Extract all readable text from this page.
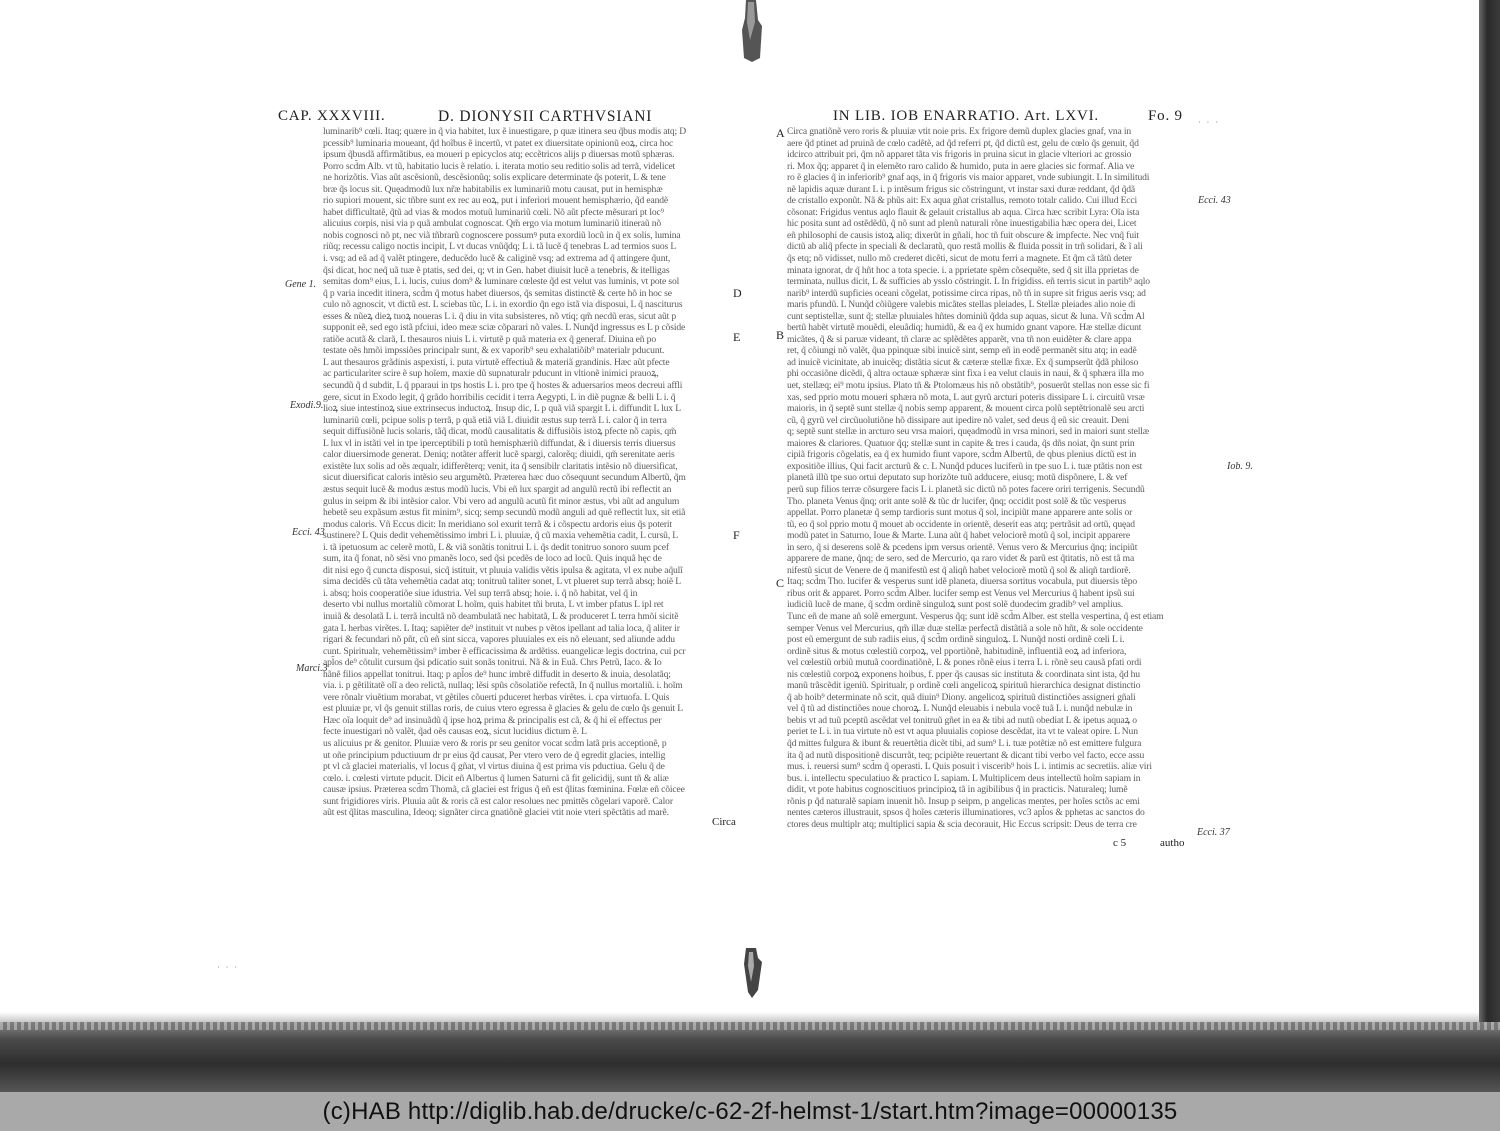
CAP. XXXVIII.	D. DIONYSII CARTHVSIANI	IN LIB. IOB ENARRATIO. Art. LXVI.	Fo. 9

luminarib⁹ cœli. Itaq; quære in q̃ via habitet, lux ẽ inuestigare, p quæ itinera seu q̃bus modis atq; D

pcessib⁹ luminaria moueant, q̃d hoĩbus ẽ incertũ, vt patet ex diuersitate opinionũ eoꝝ, circa hoc

ipsum q̃busdã affirmãtibus, ea moueri p epicyclos atq; eccẽtricos alijs p diuersas motũ sphæras.

Porro scd̃m Alb. vt tũ, habitatio lucis ẽ relatio. i. iterata motio seu reditio solis ad terrã, videlicet

ne horizõtis. Vias aũt ascẽsionũ, descẽsionũq; solis explicare determinate q̃s poterit, L & tene

bræ q̃s locus sit. Quęadmodũ lux nr̃æ habitabilis ex luminariũ motu causat, put in hemisphæ

rio supiori mouent, sic tñbre sunt ex rec au eoꝝ, put i inferiori mouent hemisphærio, q̃d eandẽ

habet difficultatẽ, q̃tũ ad vias & modos motuũ luminariũ cœli. Nõ aũt pfecte mẽsurari pt loc⁹

alicuius corpis, nisi via p quã ambulat cognoscat. Qm̃ ergo via motum luminariũ itineraũ nõ

nobis cognosci nõ pt, nec viã tñbrarũ cognoscere possumꝰ puta exordiũ locũ in q̃ ex solis, lumina

riũq; recessu caligo noctis incipit, L vt ducas vnũq̃dq; L i. tã lucẽ q̃ tenebras L ad termios suos L

i. vsq; ad eã ad q̃ valẽt ptingere, deducẽdo lucẽ & caliginẽ vsq; ad extrema ad q̃ attingere q̃unt,

q̃si dicat, hoc neq̃ uã tuæ ẽ ptatis, sed dei, q; vt in Gen. habet diuisit lucẽ a tenebris, & itelligas

semitas dom⁹ eius, L i. lucis, cuius dom⁹ & luminare cœleste q̃d est velut vas luminis, vt pote sol

q̃ p varia incedit itinera, scd̃m q̃ motus habet diuersos, q̃s semitas distinctẽ & certe hõ in hoc se

culo nõ agnoscit, vt dictũ est. L sciebas tũc, L i. in exordio q̃n ego istã via disposui, L q̃ nasciturus

esses & nũeꝝ dieꝝ tuoꝝ noueras L i. q̃ diu in vita subsisteres, nõ vtiq; qm̃ necdũ eras, sicut aũt p

supponit eẽ, sed ego istã pfciui, ideo meæ sciæ cõparari nõ vales. L Nunq̃d ingressus es L p cõside

ratiõe acutã & clarã, L thesauros niuis L i. virtutẽ p quã materia ex q̃ generaf. Diuina eñ po

testate oẽs hmõi impssiões principalr sunt, & ex vaporib⁹ seu exhalatiõib⁹ materialr pducunt.

L aut thesauros grãdinis aspexisti, i. puta virtutẽ effectiuã & materiã grandinis. Hæc aũt pfecte

ac particulariter scire ẽ sup hoĩem, maxie dũ supnaturalr pducunt in vltionẽ inimici prauoꝝ,

secundũ q̃ d subdit, L q̃ pparaui in tps hostis L i. pro tpe q̃ hostes & aduersarios meos decreui affli

gere, sicut in Exodo legit, q̃ grãdo horribilis cecidit i terra Aegypti, L in diẽ pugnæ & belli L i. q̃

lioꝝ siue intestinoꝝ siue extrinsecus inductoꝝ. Insup dic, L p quã viã spargit L i. diffundit L lux L

luminariũ cœli, pcipue solis p terrã, p quã etiã viã L diuidit æstus sup terrã L i. calor q̃ in terra

sequit diffusiõnẽ lucis solaris, tãq̃ dicat, modũ causalitatis & diffusiõis istoꝝ pfecte nõ capis, qm̃

L lux vl in istãti vel in tpe iperceptibili p totũ hemisphæriũ diffundat, & i diuersis terris diuersus

calor diuersimode generat. Deniq; notãter afferit lucẽ spargi, calorẽq; diuidi, qm̃ serenitate aeris

existẽte lux solis ad oẽs æqualr, idifferẽterq; venit, ita q̃ sensibilr claritatis intẽsio nõ diuersificat,

sicut diuersificat caloris intẽsio seu argumẽtũ. Præterea hæc duo cõsequunt secundum Albertũ, q̃m

æstus sequit lucẽ & modus æstus modũ lucis. Vbi eñ lux spargit ad angulũ rectũ ibi reflectit an

gulus in seipm & ibi intẽsior calor. Vbi vero ad angulũ acutũ fit minor æstus, vbi aũt ad angulum

hebetẽ seu expãsum æstus fit minim⁹, sicq; semp secundũ modũ anguli ad quẽ reflectit lux, sit etiã

modus caloris. Vñ Eccus dicit: In meridiano sol exurit terrã & i cõspectu ardoris eius q̃s poterit

sustinere? L Quis dedit vehemẽtissimo imbri L i. pluuiæ, q̃ cũ maxia vehemẽtia cadit, L cursũ, L

i. tã ipetuosum ac celerẽ motũ, L & viã sonãtis tonitrui L i. q̃s dedit tonitruo sonoro suum pcef

sum, ita q̃ fonat, nõ sẽsi vno pmanẽs loco, sed q̃si pcedẽs de loco ad locũ. Quis inquã hęc de

dit nisi ego q̃ cuncta disposui, sicq̃ istituit, vt pluuia validis vẽtis ipulsa & agitata, vl ex nube aq̃ulĩ

sima decidẽs cũ tãta vehemẽtia cadat atq; tonitruũ taliter sonet, L vt plueret sup terrã absq; hoiẽ L

i. absq; hois cooperatiõe siue idustria. Vel sup terrã absq; hoie. i. q̃ nõ habitat, vel q̃ in

deserto vbi nullus mortaliũ cõmorat L hoĩm, quis habitet tñi bruta, L vt imber pfatus L ipl ret

inuiã & desolatã L i. terrã incultã nõ deambulatã nec habitatã, L & produceret L terra hmõi sicitẽ

gata L herbas virẽtes. L Itaq; sapiẽter de⁹ instituit vt nubes p vẽtos ipellant ad talia loca, q̃ aliter ir

rigari & fecundari nõ pñt, cũ eñ sint sicca, vapores pluuiales ex eis nõ eleuant, sed aliunde addu

cunt. Spiritualr, vehemẽtissim⁹ imber ẽ efficacissima & ardẽtiss. euangelicæ legis doctrina, cui pcr

apl̃os de⁹ cõtulit cursum q̃si pdicatio suit sonãs tonitrui. Nã & in Euã. Chrs Petrũ, Iaco. & Io

hãnẽ filios appellat tonitrui. Itaq; p apl̃os de⁹ hunc imbrẽ diffudit in deserto & inuia, desolatãq;

via. i. p gẽtilitatẽ olĩ a deo relictã, nullaq; lẽsi spũs cõsolatiõe refectã, In q̃ nullus mortaliũ. i. hoĩm

vere rõnalr viuẽtium morabat, vt gẽtiles cõuerti pduceret herbas virẽtes. i. cpa virtuofa. L Quis

est pluuiæ pr, vl q̃s genuit stillas roris, de cuius vtero egressa ẽ glacies & gelu de cœlo q̃s genuit L

Hæc oĩa loquit de⁹ ad insinuãdũ q̃ ipse hoꝝ prima & principalis est cã, & q̃ hi eĩ effectus per

fecte inuestigari nõ valẽt, q̃ad oẽs causas eoꝝ, sicut lucidius dictum ẽ. L

us alicuius pr & genitor. Pluuiæ vero & roris pr seu genitor vocat scd̃m latã pris acceptionẽ, p

ut oñe principium pductiuum dr pr eius q̃d causat, Per vtero vero de q̃ egredit glacies, intellig

pt vl cã glaciei materialis, vl locus q̃ gñat, vl virtus diuina q̃ est prima vis pductiua. Gelu q̃ de

cœlo. i. cœlesti virtute pducit. Dicit eñ Albertus q̃ lumen Saturni cã fit gelicidij, sunt tñ & aliæ

causæ ipsius. Præterea scd̃m Thomã, cã glaciei est frigus q̃ eñ est q̃litas fœminina. Fœlæ eñ cõicee

sunt frigidiores viris. Pluuia aũt & roris cã est calor resolues nec pmittẽs cõgelari vaporẽ. Calor

aũt est q̃litas masculina, Ideoq; signãter circa gnatiõnẽ glaciei vtit noie vteri spẽctãtis ad marẽ.

Circa

Circa gnatiõnẽ vero roris & pluuiæ vtit noie pris. Ex frigore demũ duplex glacies gnaf, vna in

aere q̃d ptinet ad pruinã de cœlo cadẽtẽ, ad q̃d referri pt, q̃d dictũ est, gelu de cœlo q̃s genuit, q̃d

idcirco attribuit pri, q̃m nõ apparet tãta vis frigoris in pruina sicut in glacie vlteriori ac grossio

ri. Mox q̃q; apparet q̃ in elemẽto raro calido & humido, puta in aere glacies sic formaf. Alia ve

ro ẽ glacies q̃ in inferiorib⁹ gnaf aqs, in q̃ frigoris vis maior apparet, vnde subiungit. L In similitudi

nẽ lapidis aquæ durant L i. p intẽsum frigus sic cõstringunt, vt instar saxi duræ reddant, q̃d q̃dã

de cristallo exponũt. Nã & phũs ait: Ex aqua gñat cristallus, remoto totalr calido. Cui illud Ecci

cõsonat: Frigidus ventus aqlo flauit & gelauit cristallus ab aqua. Circa hæc scribit Lyra: Oĩa ista

hic posita sunt ad ostẽdẽdũ, q̃ nõ sunt ad plenũ naturali rõne inuestigabilia hæc opera dei, Licet

eñ philosophi de causis istoꝝ aliq; dixerũt in gñali, hoc tñ fuit obscure & impfecte. Nec vnq̃ fuit

dictũ ab aliq̃ pfecte in speciali & declaratũ, quo restã mollis & fluida possit in trñ solidari, & ĩ ali

q̃s etq; nõ vidisset, nullo mõ crederet dicẽti, sicut de motu ferri a magnete. Et q̃m cã tãtũ deter

minata ignorat, dr q̃ hñt hoc a tota specie. i. a pprietate spẽm cõsequẽte, sed q̃ sit illa pprietas de

terminata, nullus dicit, L & sufficies ab ysslo cõstringit. L In frigidiss. eñ terris sicut in partib⁹ aqlo

narib⁹ interdũ supficies oceani cõgelat, potissime circa ripas, nõ tñ in supre sit frigus aeris vsq; ad

maris pfundũ. L Nunq̃d cõiũgere valebis micãtes stellas pleiades, L Stellæ pleiades alio noie di

cunt septistellæ, sunt q̃; stellæ pluuiales hñtes dominiũ q̃dda sup aquas, sicut & luna. Vñ scd̃m Al

bertũ habẽt virtutẽ mouẽdi, eleuãdiq; humidũ, & ea q̃ ex humido gnant vapore. Hæ stellæ dicunt

micãtes, q̃ & si paruæ videant, tñ claræ ac splẽdẽtes apparẽt, vna tñ non euidẽter & clare appa

ret, q̃ cõiungi nõ valẽt, q̃ua ppinquæ sibi inuicẽ sint, semp eñ in eodẽ permanẽt situ atq; in eadẽ

ad inuicẽ vicinitate, ab inuicẽq; distãtia sicut & cæteræ stellæ fixæ. Ex q̃ sumpserũt q̃dã philoso

phi occasiõne dicẽdi, q̃ altra octauæ sphæræ sint fixa i ea velut clauis in naui, & q̃ sphæra illa mo

uet, stellæq; ei⁹ motu ipsius. Plato tñ & Ptolomæus his nõ obstãtib⁹, posuerũt stellas non esse sic fi

xas, sed pprio motu moueri sphæra nõ mota, L aut gyrũ arcturi poteris dissipare L i. circuitũ vrsæ

maioris, in q̃ septẽ sunt stellæ q̃ nobis semp apparent, & mouent circa polũ septẽtrionalẽ seu arcti

cũ, q̃ gyrũ vel circũuolutiõne hõ dissipare aut ipedire nõ valet, sed deus q̃ eũ sic creauit. Deni

q; septẽ sunt stellæ in arcturo seu vrsa maiori, quęadmodũ in vrsa minori, sed in maiori sunt stellæ

maiores & clariores. Quatuor q̃q; stellæ sunt in capite & tres i cauda, q̃s dñs noiat, q̃n sunt prin

cipiã frigoris cõgelatis, ea q̃ ex humido fiunt vapore, scd̃m Albertũ, de qbus plenius dictũ est in

expositiõe illius, Qui facit arcturũ & c. L Nunq̃d pduces luciferũ in tpe suo L i. tuæ ptãtis non est

planetã illũ tpe suo ortui deputato sup horizõte tuũ adducere, eiusq; motũ dispõnere, L & vef

perũ sup filios terræ cõsurgere facis L i. planetã sic dictũ nõ potes facere oriri terrigenis. Secundũ

Tho. planeta Venus q̃nq; orit ante solẽ & tũc dr lucifer, q̃nq; occidit post solẽ & tũc vesperus

appellat. Porro planetæ q̃ semp tardioris sunt motus q̃ sol, incipiũt mane apparere ante solis or

tũ, eo q̃ sol pprio motu q̃ mouet ab occidente in orientẽ, deserit eas atq; pertrãsit ad ortũ, quęad

modũ patet in Saturno, Ioue & Marte. Luna aũt q̃ habet velociorẽ motũ q̃ sol, incipit apparere

in sero, q̃ si deserens solẽ & pcedens ipm versus orientẽ. Venus vero & Mercurius q̃nq; incipiũt

apparere de mane, q̃nq; de sero, sed de Mercurio, qa raro videt & parũ est q̃titatis, nõ est tã ma

nifestũ sicut de Venere de q̃ manifestũ est q̃ aliqñ habet velociorẽ motũ q̃ sol & aliqñ tardiorẽ.

Itaq; scd̃m Tho. lucifer & vesperus sunt idẽ planeta, diuersa sortitus vocabula, put diuersis tẽpo

ribus orit & apparet. Porro scd̃m Alber. lucifer semp est Venus vel Mercurius q̃ habent ipsũ sui

iudiciũ lucẽ de mane, q̃ scd̃m ordinẽ singuloꝝ sunt post solẽ duodecim gradib⁹ vel amplius.

Tunc eñ de mane añ solẽ emergunt. Vesperus q̃q; sunt idẽ scd̃m Alber. est stella vespertina, q̃ est etiam

semper Venus vel Mercurius, qm̃ illæ duæ stellæ perfectã distãtiã a sole nõ hñt, & sole occidente

post eũ emergunt de sub radiis eius, q̃ scd̃m ordinẽ singuloꝝ. L Nunq̃d nosti ordinẽ cœli L i.

ordinẽ situs & motus cœlestiũ corpoꝝ, vel pportiõnẽ, habitudinẽ, influentiã eoꝝ ad inferiora,

vel cœlestiũ orbiũ mutuã coordinatiõnẽ, L & pones rõnẽ eius i terra L i. rõnẽ seu causã pfati ordi

nis cœlestiũ corpoꝝ exponens hoibus, f. pper q̃s causas sic instituta & coordinata sint ista, q̃d hu

manũ trãscẽdit igeniũ. Spiritualr, p ordinẽ cœli angelicoꝝ spirituũ hierarchica designat distinctio

q̃ ab hoib⁹ determinate nõ scit, quã diuin⁹ Diony. angelicoꝝ spirituũ distinctiões assigneri gñali

vel q̃ tũ ad distinctiões noue choroꝝ. L Nunq̃d eleuabis i nebula vocẽ tuã L i. nunq̃d nebulæ in

bebis vt ad tuũ pceptũ ascẽdat vel tonitruũ gñet in ea & tibi ad nutũ obediat L & ipetus aquaꝝ o

periet te L i. in tua virtute nõ est vt aqua pluuialis copiose descẽdat, ita vt te valeat opire. L Nun

q̃d mittes fulgura & ibunt & reuertẽtia dicẽt tibi, ad sum⁹ L i. tuæ potẽtiæ nõ est emittere fulgura

ita q̃ ad nutũ dispositionẽ discurrãt, teq; pcipiẽte reuertant & dicant tibi verbo vel facto, ecce assu

mus. i. reuersi sum⁹ scd̃m q̃ operasti. L Quis posuit i viscerib⁹ hois L i. intimis ac secretiis. aliæ viri

bus. i. intellectu speculatiuo & practico L sapiam. L Multiplicem deus intellectũ hoĩm sapiam in

didit, vt pote habitus cognoscitiuos principioꝝ tã in agibilibus q̃ in practicis. Naturaleq; lumẽ

rõnis p q̃d naturalẽ sapiam inuenit hõ. Insup p seipm, p angelicas mentes, per hoĩes sctõs ac emi

nentes cæteros illustrauit, spsos q̃ hoĩes cæteris illuminatiores, vc3 apl̃os & pphetas ac sanctos do

ctores deus multiplr atq; multiplici sapia & scia decorauit, Hic Eccus scripsit: Deus de terra cre

c 5	autho
Gene 1.
Exodi.9.
Ecci. 43
Marci.3
Ecci. 43
Iob. 9.
Ecci. 37
D
E
F
A
B
C
· · ·
· · ·
(c)HAB http://diglib.hab.de/drucke/c-62-2f-helmst-1/start.htm?image=00000135
